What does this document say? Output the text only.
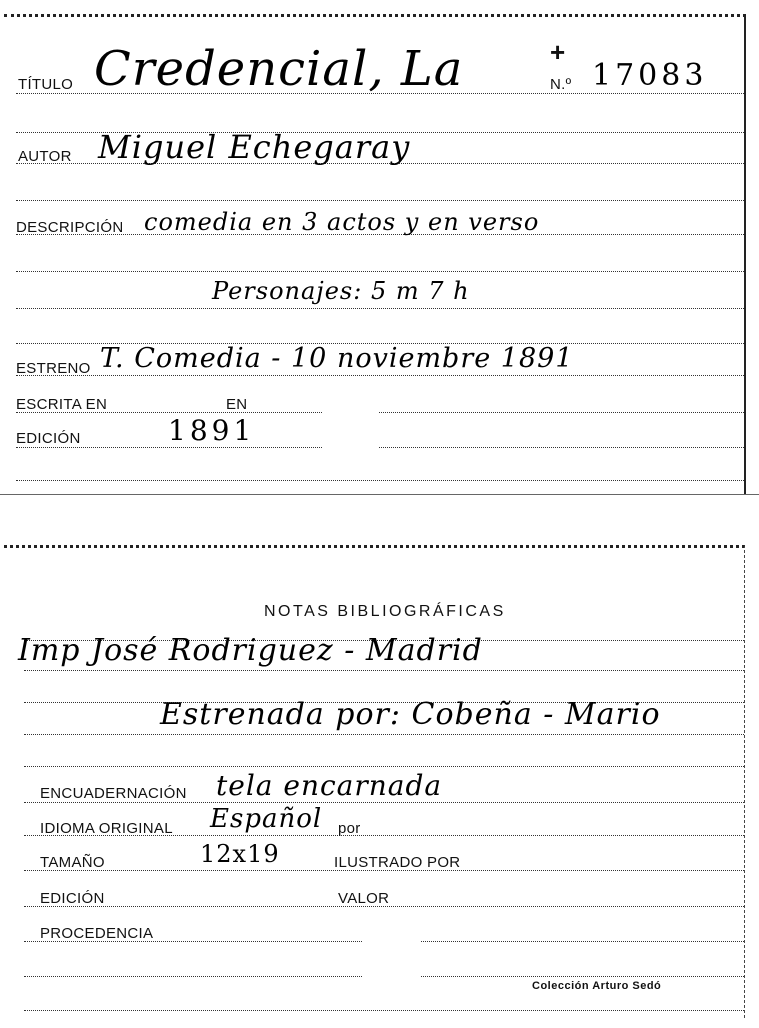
TÍTULO Credencial, La	+
N.º 17083
AUTOR Miguel Echegaray
DESCRIPCIÓN comedia en 3 actos y en verso
Personajes: 5 m 7 h
ESTRENO T. Comedia - 10 noviembre 1891
ESCRITA EN	EN
EDICIÓN	1891
NOTAS BIBLIOGRÁFICAS
Imp José Rodriguez - Madrid
Estrenada por: Cobeña - Mario
ENCUADERNACIÓN tela encarnada
IDIOMA ORIGINAL Español por
TAMAÑO	12x19	ILUSTRADO POR
EDICIÓN	VALOR
PROCEDENCIA
Colección Arturo Sedó
